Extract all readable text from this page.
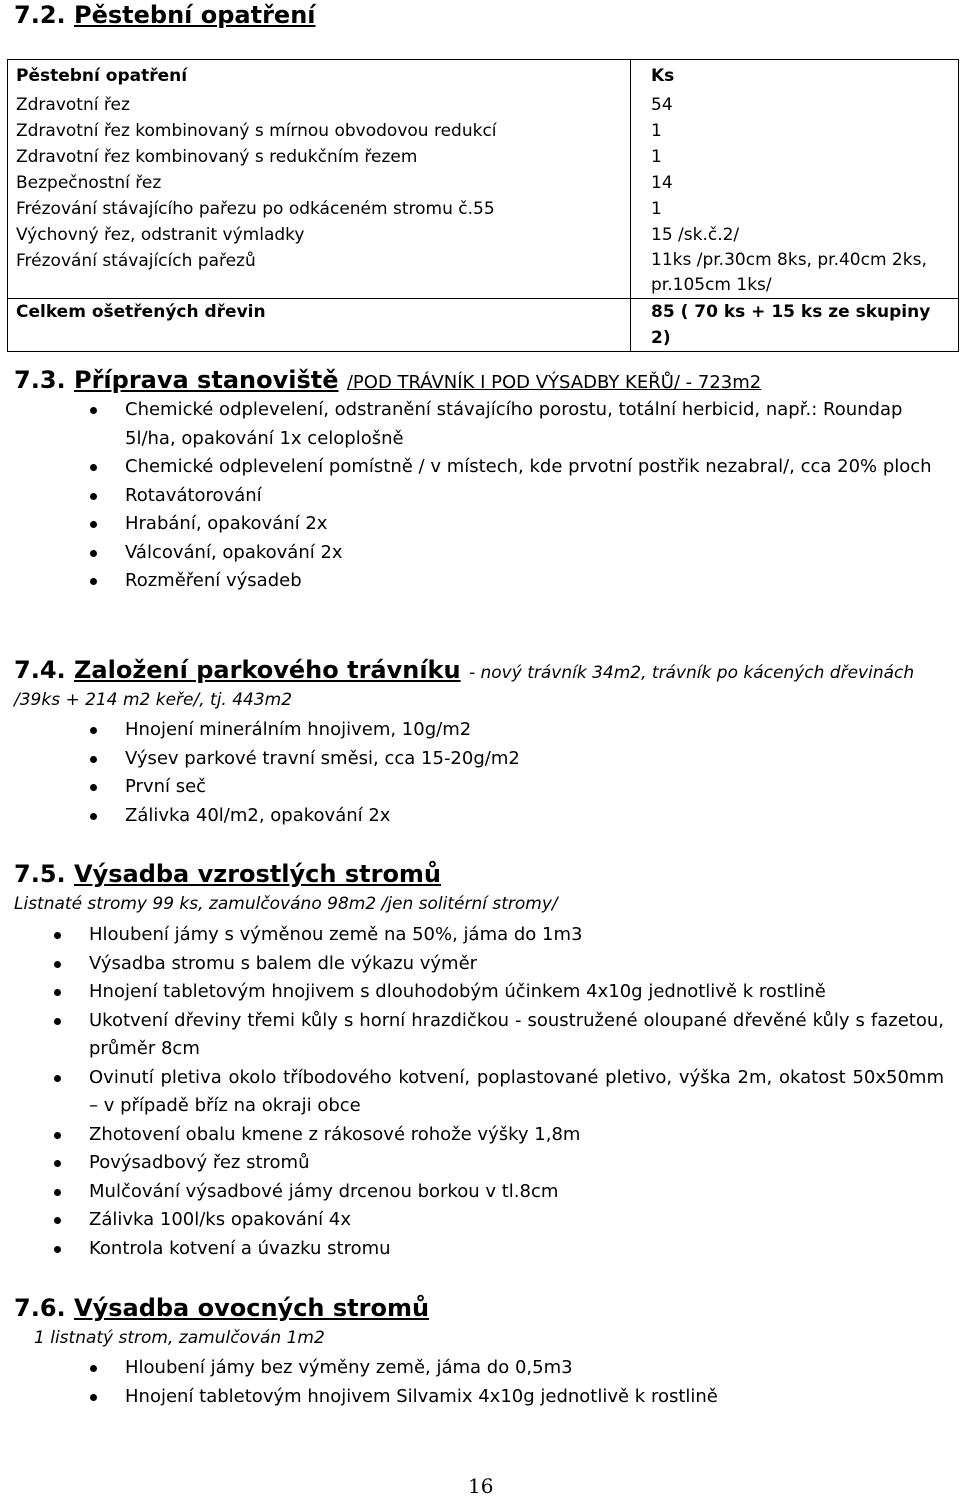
7.2. Pěstební opatření
Pěstební opatření	Ks
Zdravotní řez	54
Zdravotní řez kombinovaný s mírnou obvodovou redukcí	1
Zdravotní řez kombinovaný s redukčním řezem	1
Bezpečnostní řez	14
Frézování stávajícího pařezu po odkáceném stromu č.55	1
Výchovný řez, odstranit výmladky	15 /sk.č.2/
Frézování stávajících pařezů	11ks /pr.30cm 8ks, pr.40cm 2ks, pr.105cm 1ks/
Celkem ošetřených dřevin	85 ( 70 ks + 15 ks ze skupiny 2)
7.3. Příprava stanoviště /POD TRÁVNÍK I POD VÝSADBY KEŘŮ/ - 723m2
Chemické odplevelení, odstranění stávajícího porostu, totální herbicid, např.: Roundap 5l/ha, opakování 1x celoplošně
Chemické odplevelení pomístně / v místech, kde prvotní postřik nezabral/, cca 20% ploch
Rotavátorování
Hrabání, opakování 2x
Válcování, opakování 2x
Rozměření výsadeb
7.4. Založení parkového trávníku - nový trávník 34m2, trávník po kácených dřevinách
/39ks + 214 m2 keře/, tj. 443m2
Hnojení minerálním hnojivem, 10g/m2
Výsev parkové travní směsi, cca 15-20g/m2
První seč
Zálivka 40l/m2, opakování 2x
7.5. Výsadba vzrostlých stromů
Listnaté stromy 99 ks, zamulčováno 98m2 /jen solitérní stromy/
Hloubení jámy s výměnou země na 50%, jáma do 1m3
Výsadba stromu s balem dle výkazu výměr
Hnojení tabletovým hnojivem s dlouhodobým účinkem 4x10g jednotlivě k rostlině
Ukotvení dřeviny třemi kůly s horní hrazdičkou - soustružené oloupané dřevěné kůly s fazetou, průměr 8cm
Ovinutí pletiva okolo tříbodového kotvení, poplastované pletivo, výška 2m, okatost 50x50mm – v případě bříz na okraji obce
Zhotovení obalu kmene z rákosové rohože výšky 1,8m
Povýsadbový řez stromů
Mulčování výsadbové jámy drcenou borkou v tl.8cm
Zálivka 100l/ks opakování 4x
Kontrola kotvení a úvazku stromu
7.6. Výsadba ovocných stromů
1 listnatý strom, zamulčován 1m2
Hloubení jámy bez výměny země, jáma do 0,5m3
Hnojení tabletovým hnojivem Silvamix 4x10g jednotlivě k rostlině
16
